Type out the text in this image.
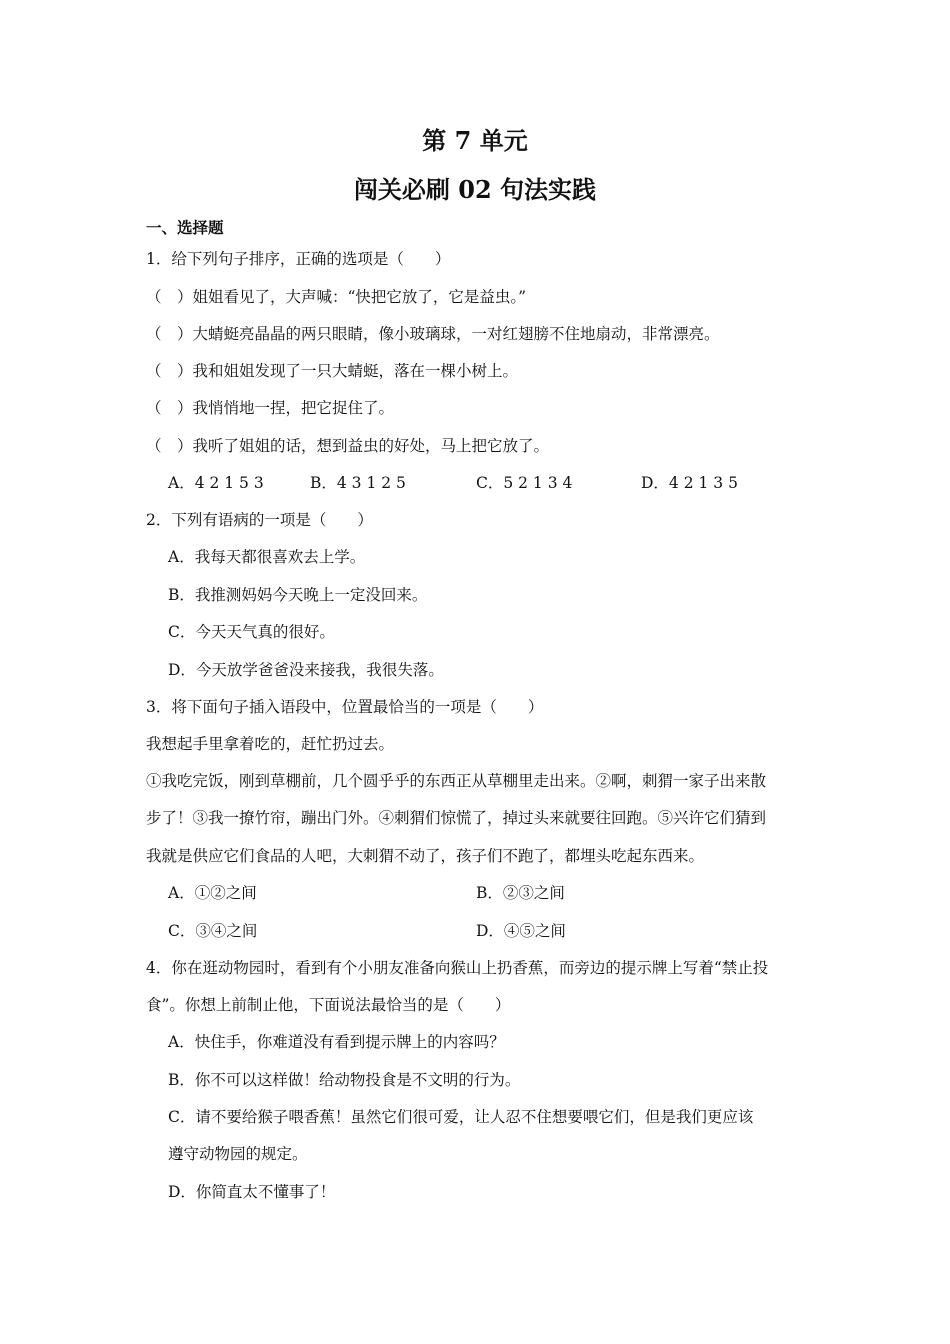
第 7 单元
闯关必刷 02 句法实践
一、选择题
1．给下列句子排序，正确的选项是（　　）
（　）姐姐看见了，大声喊：“快把它放了，它是益虫。”
（　）大蜻蜓亮晶晶的两只眼睛，像小玻璃球，一对红翅膀不住地扇动，非常漂亮。
（　）我和姐姐发现了一只大蜻蜓，落在一棵小树上。
（　）我悄悄地一捏，把它捉住了。
（　）我听了姐姐的话，想到益虫的好处，马上把它放了。
A．4 2 1 5 3	B．4 3 1 2 5	C．5 2 1 3 4	D．4 2 1 3 5
2．下列有语病的一项是（　　）
A．我每天都很喜欢去上学。
B．我推测妈妈今天晚上一定没回来。
C．今天天气真的很好。
D．今天放学爸爸没来接我，我很失落。
3．将下面句子插入语段中，位置最恰当的一项是（　　）
我想起手里拿着吃的，赶忙扔过去。
①我吃完饭，刚到草棚前，几个圆乎乎的东西正从草棚里走出来。②啊，刺猬一家子出来散
步了！③我一撩竹帘，蹦出门外。④刺猬们惊慌了，掉过头来就要往回跑。⑤兴许它们猜到
我就是供应它们食品的人吧，大刺猬不动了，孩子们不跑了，都埋头吃起东西来。
A．①②之间	B．②③之间
C．③④之间	D．④⑤之间
4．你在逛动物园时，看到有个小朋友准备向猴山上扔香蕉，而旁边的提示牌上写着“禁止投
食”。你想上前制止他，下面说法最恰当的是（　　）
A．快住手，你难道没有看到提示牌上的内容吗？
B．你不可以这样做！给动物投食是不文明的行为。
C．请不要给猴子喂香蕉！虽然它们很可爱，让人忍不住想要喂它们，但是我们更应该
遵守动物园的规定。
D．你简直太不懂事了！
